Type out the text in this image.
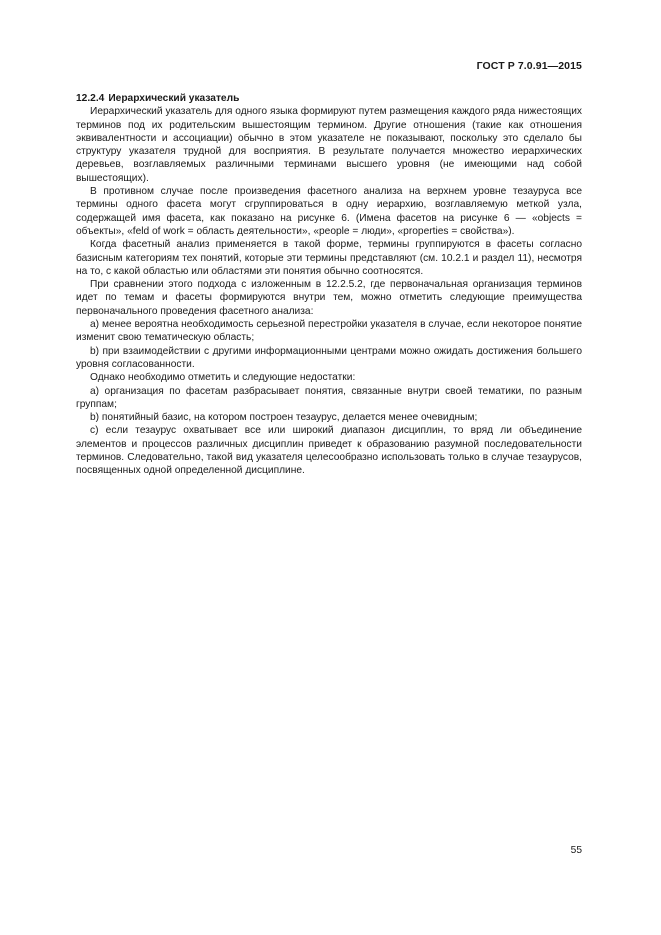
ГОСТ Р 7.0.91—2015

12.2.4 Иерархический указатель

Иерархический указатель для одного языка формируют путем размещения каждого ряда нижестоящих терминов под их родительским вышестоящим термином. Другие отношения (такие как отношения эквивалентности и ассоциации) обычно в этом указателе не показывают, поскольку это сделало бы структуру указателя трудной для восприятия. В результате получается множество иерархических деревьев, возглавляемых различными терминами высшего уровня (не имеющими над собой вышестоящих).

В противном случае после произведения фасетного анализа на верхнем уровне тезауруса все термины одного фасета могут сгруппироваться в одну иерархию, возглавляемую меткой узла, содержащей имя фасета, как показано на рисунке 6. (Имена фасетов на рисунке 6 — «objects = объекты», «feld of work = область деятельности», «people = люди», «properties = свойства»).

Когда фасетный анализ применяется в такой форме, термины группируются в фасеты согласно базисным категориям тех понятий, которые эти термины представляют (см. 10.2.1 и раздел 11), несмотря на то, с какой областью или областями эти понятия обычно соотносятся.

При сравнении этого подхода с изложенным в 12.2.5.2, где первоначальная организация терминов идет по темам и фасеты формируются внутри тем, можно отметить следующие преимущества первоначального проведения фасетного анализа:

a) менее вероятна необходимость серьезной перестройки указателя в случае, если некоторое понятие изменит свою тематическую область;

b) при взаимодействии с другими информационными центрами можно ожидать достижения большего уровня согласованности.

Однако необходимо отметить и следующие недостатки:

a) организация по фасетам разбрасывает понятия, связанные внутри своей тематики, по разным группам;

b) понятийный базис, на котором построен тезаурус, делается менее очевидным;

c) если тезаурус охватывает все или широкий диапазон дисциплин, то вряд ли объединение элементов и процессов различных дисциплин приведет к образованию разумной последовательности терминов. Следовательно, такой вид указателя целесообразно использовать только в случае тезаурусов, посвященных одной определенной дисциплине.

55
